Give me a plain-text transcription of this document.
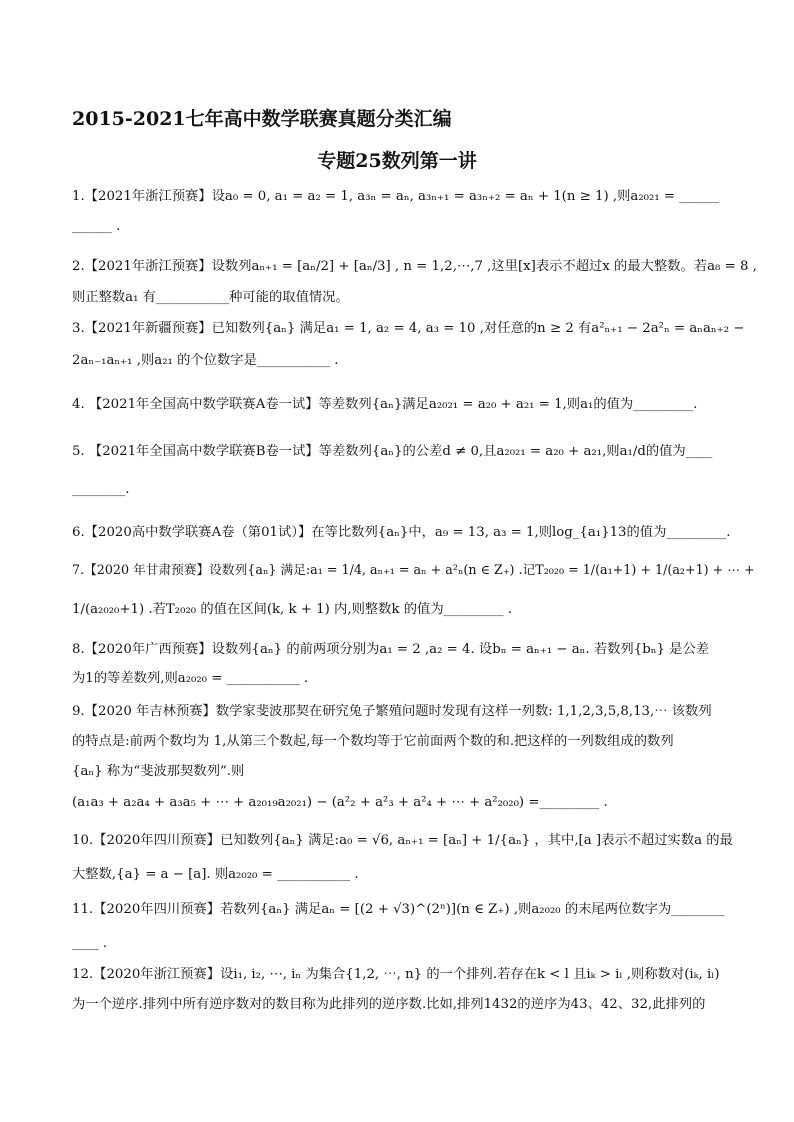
2015-2021七年高中数学联赛真题分类汇编
专题25数列第一讲
1.【2021年浙江预赛】设a₀ = 0, a₁ = a₂ = 1, a₃ₙ = aₙ, a₃ₙ₊₁ = a₃ₙ₊₂ = aₙ + 1(n ≥ 1) ,则a₂₀₂₁ = ______
______ .
2.【2021年浙江预赛】设数列aₙ₊₁ = [aₙ/2] + [aₙ/3] , n = 1,2,⋯,7 ,这里[x]表示不超过x 的最大整数。若a₈ = 8 ,
则正整数a₁ 有___________种可能的取值情况。
3.【2021年新疆预赛】已知数列{aₙ} 满足a₁ = 1, a₂ = 4, a₃ = 10 ,对任意的n ≥ 2 有a²ₙ₊₁ − 2a²ₙ = aₙaₙ₊₂ −
2aₙ₋₁aₙ₊₁ ,则a₂₁ 的个位数字是___________ .
4. 【2021年全国高中数学联赛A卷一试】等差数列{aₙ}满足a₂₀₂₁ = a₂₀ + a₂₁ = 1,则a₁的值为_________.
5. 【2021年全国高中数学联赛B卷一试】等差数列{aₙ}的公差d ≠ 0,且a₂₀₂₁ = a₂₀ + a₂₁,则a₁/d的值为____
________.
6.【2020高中数学联赛A卷（第01试）】在等比数列{aₙ}中，a₉ = 13, a₃ = 1,则log_{a₁}13的值为_________.
7.【2020 年甘肃预赛】设数列{aₙ} 满足:a₁ = 1/4, aₙ₊₁ = aₙ + a²ₙ(n ∈ Z₊) .记T₂₀₂₀ = 1/(a₁+1) + 1/(a₂+1) + ⋯ +
1/(a₂₀₂₀+1) .若T₂₀₂₀ 的值在区间(k, k + 1) 内,则整数k 的值为_________ .
8.【2020年广西预赛】设数列{aₙ} 的前两项分别为a₁ = 2 ,a₂ = 4. 设bₙ = aₙ₊₁ − aₙ. 若数列{bₙ} 是公差
为1的等差数列,则a₂₀₂₀ = ___________ .
9.【2020 年吉林预赛】数学家斐波那契在研究兔子繁殖问题时发现有这样一列数: 1,1,2,3,5,8,13,⋯ 该数列
的特点是:前两个数均为 1,从第三个数起,每一个数均等于它前面两个数的和.把这样的一列数组成的数列
{aₙ} 称为“斐波那契数列”.则
(a₁a₃ + a₂a₄ + a₃a₅ + ⋯ + a₂₀₁₉a₂₀₂₁) − (a²₂ + a²₃ + a²₄ + ⋯ + a²₂₀₂₀) =_________ .
10.【2020年四川预赛】已知数列{aₙ} 满足:a₀ = √6, aₙ₊₁ = [aₙ] + 1/{aₙ} ，其中,[a ]表示不超过实数a 的最
大整数,{a} = a − [a]. 则a₂₀₂₀ = ___________ .
11.【2020年四川预赛】若数列{aₙ} 满足aₙ = [(2 + √3)^(2ⁿ)](n ∈ Z₊) ,则a₂₀₂₀ 的末尾两位数字为________
____ .
12.【2020年浙江预赛】设i₁, i₂, ⋯, iₙ 为集合{1,2, ⋯, n} 的一个排列.若存在k < l 且iₖ > iₗ ,则称数对(iₖ, iₗ)
为一个逆序.排列中所有逆序数对的数目称为此排列的逆序数.比如,排列1432的逆序为43、42、32,此排列的
